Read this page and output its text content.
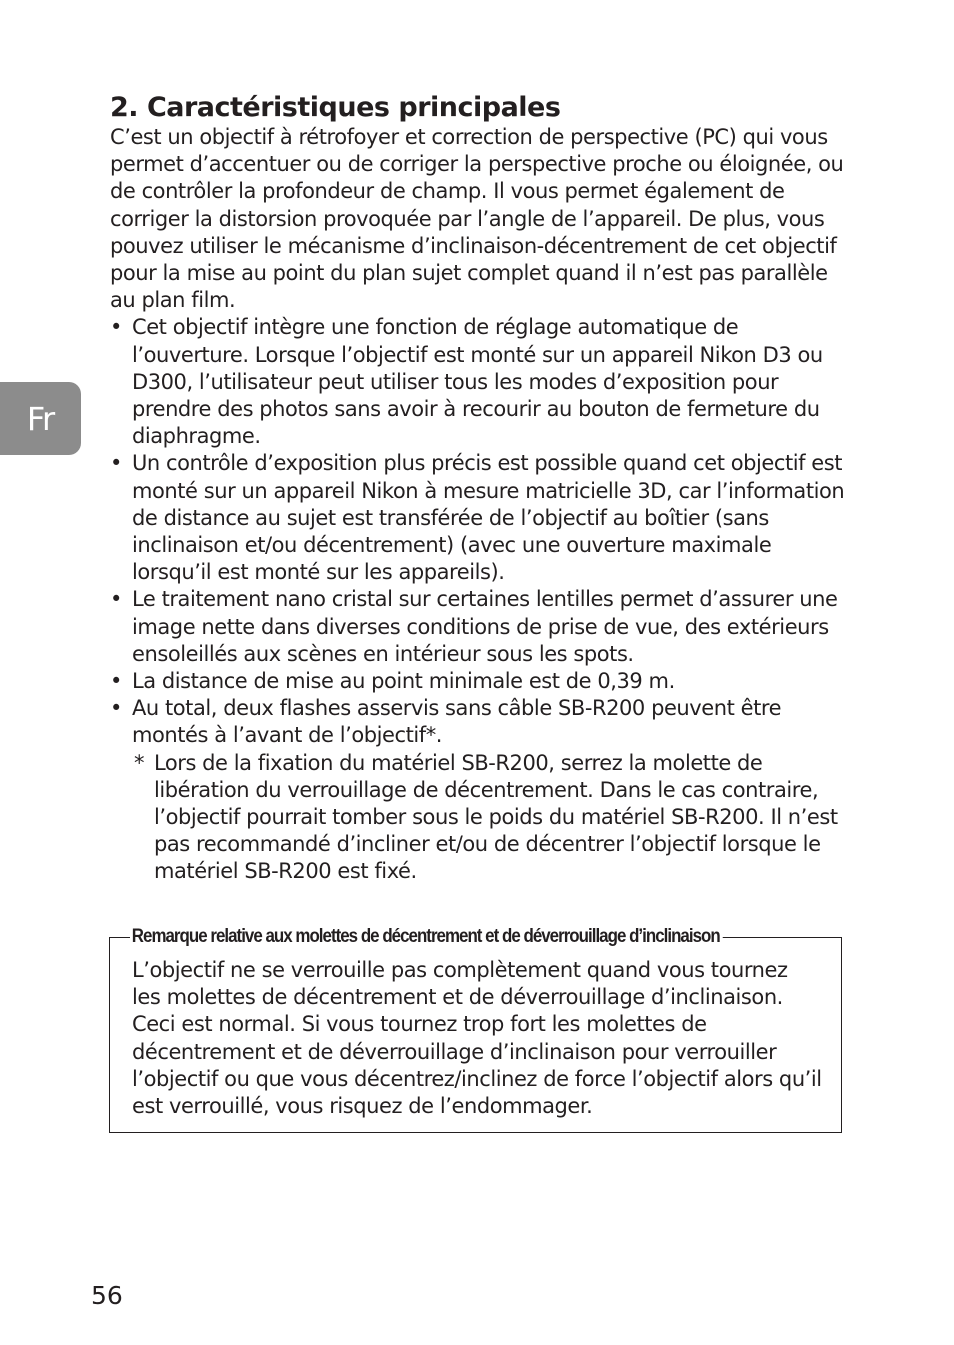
Fr
2. Caractéristiques principales

C’est un objectif à rétrofoyer et correction de perspective (PC) qui vous permet d’accentuer ou de corriger la perspective proche ou éloignée, ou de contrôler la profondeur de champ. Il vous permet également de corriger la distorsion provoquée par l’angle de l’appareil. De plus, vous pouvez utiliser le mécanisme d’inclinaison-décentrement de cet objectif pour la mise au point du plan sujet complet quand il n’est pas parallèle au plan film.

• Cet objectif intègre une fonction de réglage automatique de l’ouverture. Lorsque l’objectif est monté sur un appareil Nikon D3 ou D300, l’utilisateur peut utiliser tous les modes d’exposition pour prendre des photos sans avoir à recourir au bouton de fermeture du diaphragme.
• Un contrôle d’exposition plus précis est possible quand cet objectif est monté sur un appareil Nikon à mesure matricielle 3D, car l’information de distance au sujet est transférée de l’objectif au boîtier (sans inclinaison et/ou décentrement) (avec une ouverture maximale lorsqu’il est monté sur les appareils).
• Le traitement nano cristal sur certaines lentilles permet d’assurer une image nette dans diverses conditions de prise de vue, des extérieurs ensoleillés aux scènes en intérieur sous les spots.
• La distance de mise au point minimale est de 0,39 m.
• Au total, deux flashes asservis sans câble SB-R200 peuvent être montés à l’avant de l’objectif*.

* Lors de la fixation du matériel SB-R200, serrez la molette de libération du verrouillage de décentrement. Dans le cas contraire, l’objectif pourrait tomber sous le poids du matériel SB-R200. Il n’est pas recommandé d’incliner et/ou de décentrer l’objectif lorsque le matériel SB-R200 est fixé.

Remarque relative aux molettes de décentrement et de déverrouillage d’inclinaison

L’objectif ne se verrouille pas complètement quand vous tournez les molettes de décentrement et de déverrouillage d’inclinaison. Ceci est normal. Si vous tournez trop fort les molettes de décentrement et de déverrouillage d’inclinaison pour verrouiller l’objectif ou que vous décentrez/inclinez de force l’objectif alors qu’il est verrouillé, vous risquez de l’endommager.

56
